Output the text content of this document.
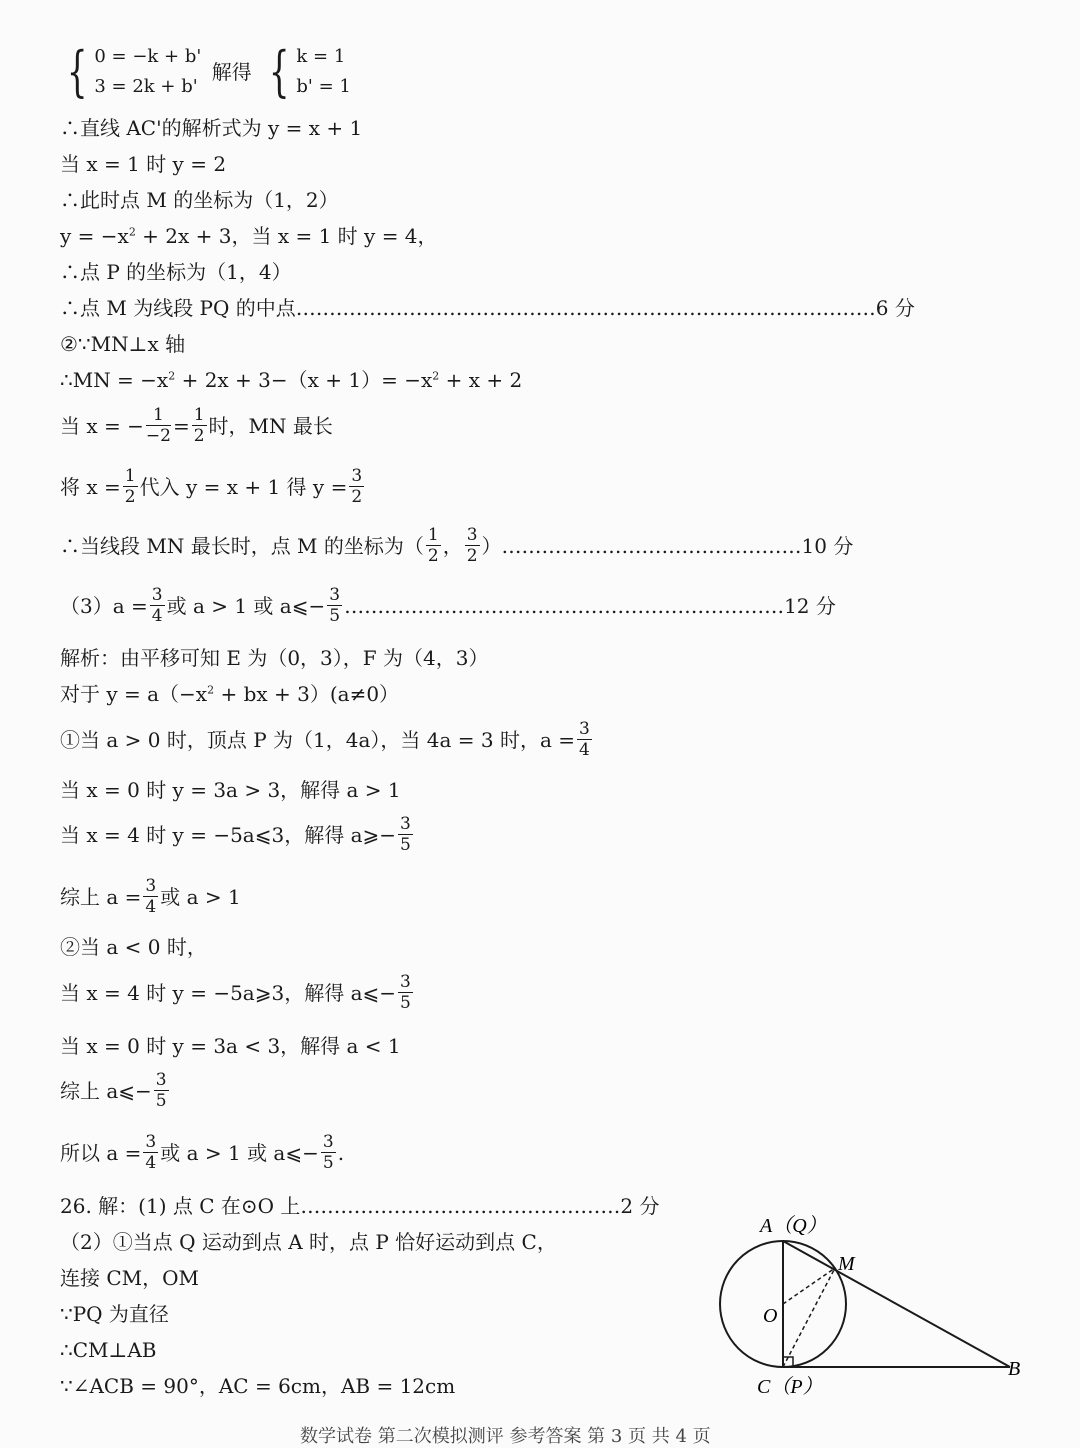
{ 0 = −k + b'
3 = 2k + b'
解得 { k = 1
b' = 1
∴直线 AC'的解析式为 y = x + 1
当 x = 1 时 y = 2
∴此时点 M 的坐标为（1，2）
$y = -x^2 + 2x + 3$，当 x = 1 时 y = 4，
∴点 P 的坐标为（1，4）
∴点 M 为线段 PQ 的中点……………………………………………………………………………6 分
②∵MN⊥x 轴
∴MN = $-x^2 + 2x + 3-(x + 1)= -x^2 + x + 2$
当 x = − $\frac{1}{-2} = \frac{1}{2}$ 时，MN 最长
将 $x = \frac{1}{2}$ 代入 y = x + 1 得 $y = \frac{3}{2}$
∴当线段 MN 最长时，点 M 的坐标为（ $\frac{1}{2}$ ， $\frac{3}{2}$ ）………………………………………10 分
$(3)a = \frac{3}{4}$ 或 a > 1 或 a⩽− $\frac{3}{5}$ …………………………………………………………12 分
解析：由平移可知 E 为（0，3），F 为（4，3）
对于 $y = a(-x^2$ + bx + 3）(a≠0）
①当 a > 0 时，顶点 P 为（1，4a），当 4a = 3 时，$a = \frac{3}{4}$
当 x = 0 时 y = 3a > 3，解得 a > 1
当 x = 4 时 y = −5a⩽3，解得 a⩾− $\frac{3}{5}$
综上 $a = \frac{3}{4}$ 或 a > 1
②当 a < 0 时，
当 x = 4 时 y = −5a⩾3，解得 a⩽− $\frac{3}{5}$
当 x = 0 时 y = 3a < 3，解得 a < 1
综上 a⩽− $\frac{3}{5}$
所以 $a = \frac{3}{4}$ 或 a > 1 或 a⩽− $\frac{3}{5}$ .
26. 解：(1) 点 C 在⊙O 上…………………………………………2 分
（2）①当点 Q 运动到点 A 时，点 P 恰好运动到点 C，
连接 CM，OM
∵PQ 为直径
∴CM⊥AB
∵∠ACB = 90°，AC = 6cm，AB = 12cm
A（Q）
M
O
B
C（P）
数学试卷 第二次模拟测评 参考答案 第 3 页 共 4 页
